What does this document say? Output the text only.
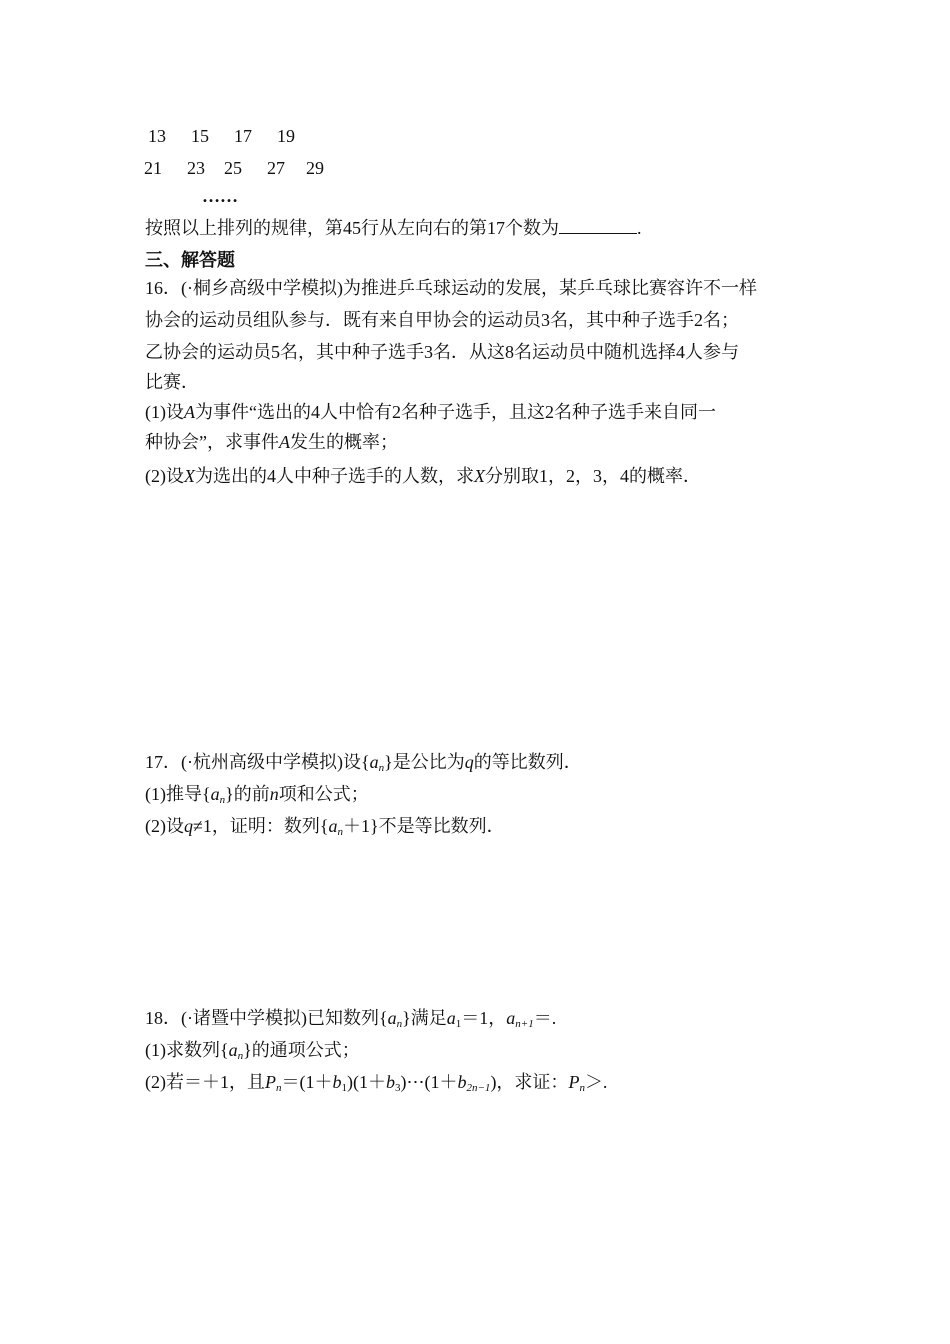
13 15 17 19
21 23 25 27 29
……
按照以上排列的规律，第45行从左向右的第17个数为	.
三、解答题
16．(·桐乡高级中学模拟)为推进乒乓球运动的发展，某乒乓球比赛容许不一样
协会的运动员组队参与．既有来自甲协会的运动员3名，其中种子选手2名；
乙协会的运动员5名，其中种子选手3名．从这8名运动员中随机选择4人参与
比赛．
(1)设A为事件“选出的4人中恰有2名种子选手，且这2名种子选手来自同一
种协会”，求事件A发生的概率；
(2)设X为选出的4人中种子选手的人数，求X分别取1，2，3，4的概率．
17．(·杭州高级中学模拟)设$\{a_n\}$是公比为q的等比数列．
(1)推导$\{a_n\}$的前n项和公式；
(2)设q≠1，证明：数列$\{a_n+1\}$不是等比数列．
18．(·诸暨中学模拟)已知数列$\{a_n\}$满足$a_1=1$，$a_{n+1}=$.
(1)求数列$\{a_n\}$的通项公式；
(2)若＝＋1，且$P_n=(1+b_1)(1+b_3)\cdots(1+b_{2n-1})$，求证：$P_n>$.
